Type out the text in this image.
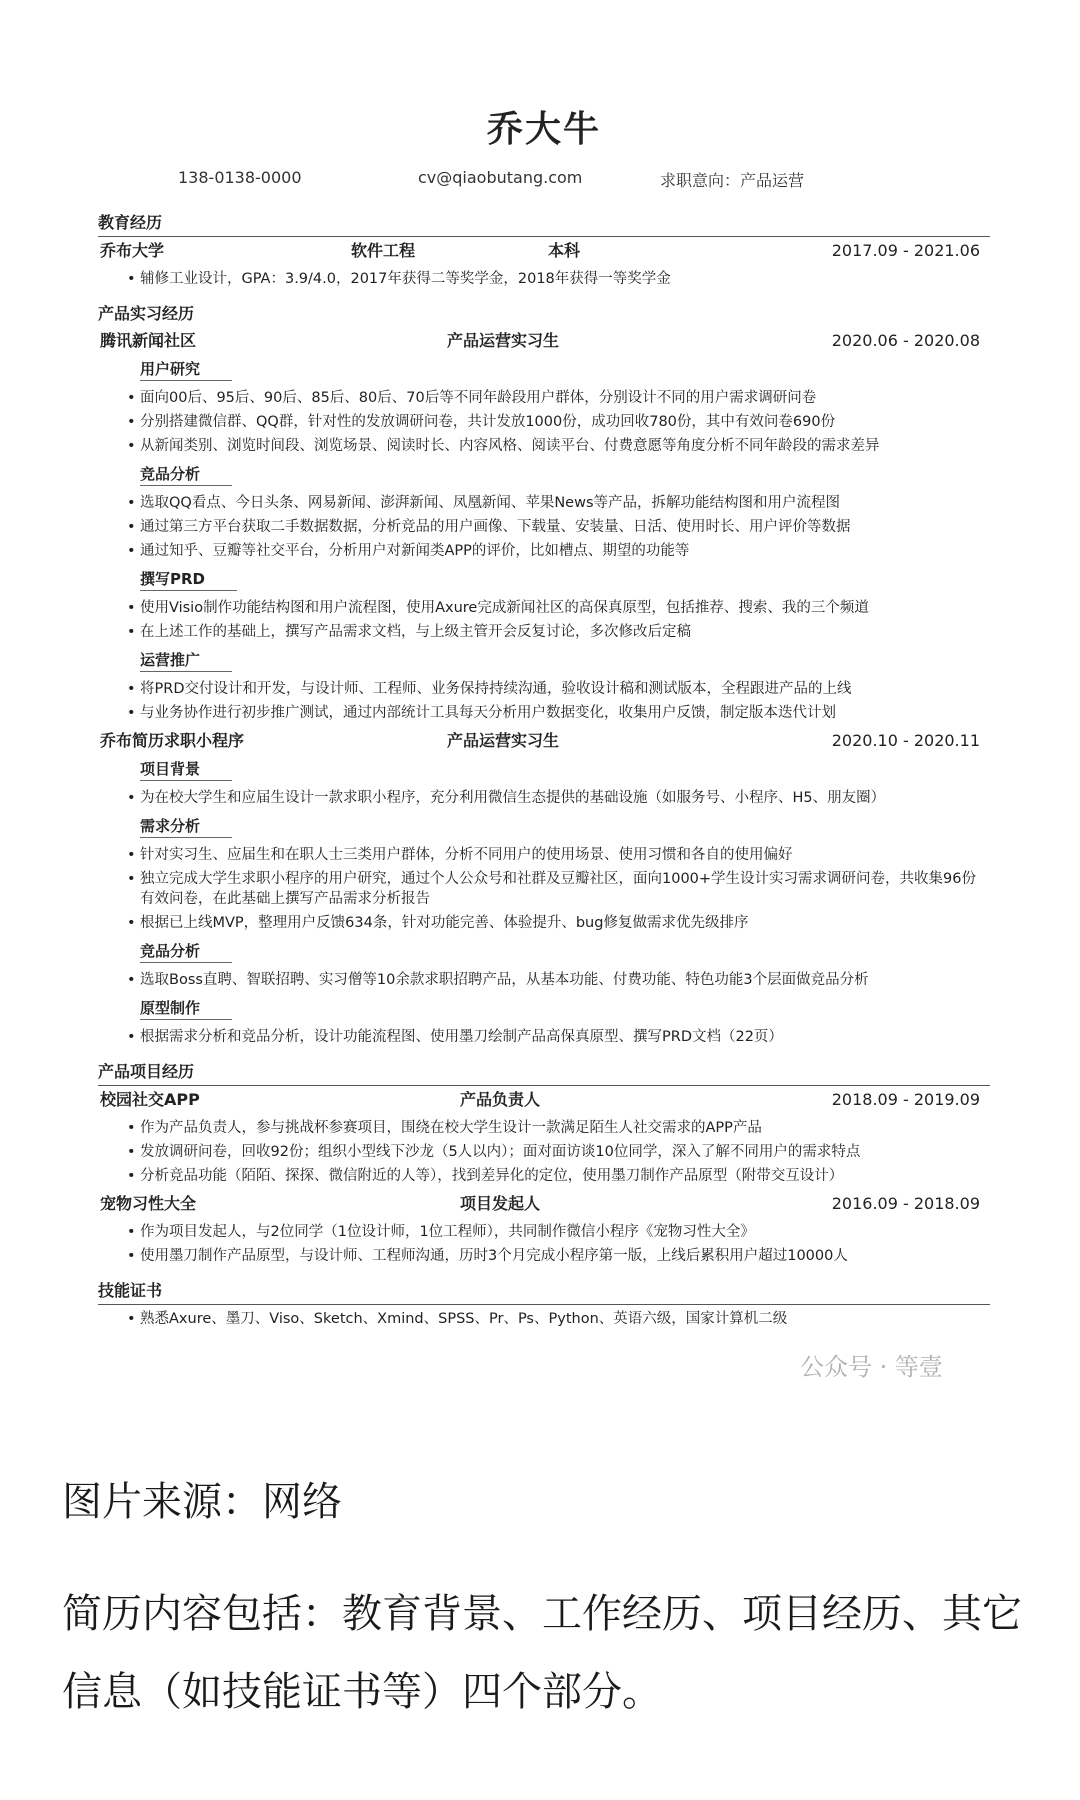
乔大牛
138-0138-0000	cv@qiaobutang.com	求职意向：产品运营
教育经历
乔布大学	软件工程	本科	2017.09 - 2021.06
• 辅修工业设计，GPA：3.9/4.0，2017年获得二等奖学金，2018年获得一等奖学金
产品实习经历
腾讯新闻社区	产品运营实习生	2020.06 - 2020.08
用户研究
• 面向00后、95后、90后、85后、80后、70后等不同年龄段用户群体，分别设计不同的用户需求调研问卷
• 分别搭建微信群、QQ群，针对性的发放调研问卷，共计发放1000份，成功回收780份，其中有效问卷690份
• 从新闻类别、浏览时间段、浏览场景、阅读时长、内容风格、阅读平台、付费意愿等角度分析不同年龄段的需求差异
竞品分析
• 选取QQ看点、今日头条、网易新闻、澎湃新闻、凤凰新闻、苹果News等产品，拆解功能结构图和用户流程图
• 通过第三方平台获取二手数据数据，分析竞品的用户画像、下载量、安装量、日活、使用时长、用户评价等数据
• 通过知乎、豆瓣等社交平台，分析用户对新闻类APP的评价，比如槽点、期望的功能等
撰写PRD
• 使用Visio制作功能结构图和用户流程图，使用Axure完成新闻社区的高保真原型，包括推荐、搜索、我的三个频道
• 在上述工作的基础上，撰写产品需求文档，与上级主管开会反复讨论，多次修改后定稿
运营推广
• 将PRD交付设计和开发，与设计师、工程师、业务保持持续沟通，验收设计稿和测试版本，全程跟进产品的上线
• 与业务协作进行初步推广测试，通过内部统计工具每天分析用户数据变化，收集用户反馈，制定版本迭代计划
乔布简历求职小程序	产品运营实习生	2020.10 - 2020.11
项目背景
• 为在校大学生和应届生设计一款求职小程序，充分利用微信生态提供的基础设施（如服务号、小程序、H5、朋友圈）
需求分析
• 针对实习生、应届生和在职人士三类用户群体，分析不同用户的使用场景、使用习惯和各自的使用偏好
• 独立完成大学生求职小程序的用户研究，通过个人公众号和社群及豆瓣社区，面向1000+学生设计实习需求调研问卷，共收集96份有效问卷，在此基础上撰写产品需求分析报告
• 根据已上线MVP，整理用户反馈634条，针对功能完善、体验提升、bug修复做需求优先级排序
竞品分析
• 选取Boss直聘、智联招聘、实习僧等10余款求职招聘产品，从基本功能、付费功能、特色功能3个层面做竞品分析
原型制作
• 根据需求分析和竞品分析，设计功能流程图、使用墨刀绘制产品高保真原型、撰写PRD文档（22页）
产品项目经历
校园社交APP	产品负责人	2018.09 - 2019.09
• 作为产品负责人，参与挑战杯参赛项目，围绕在校大学生设计一款满足陌生人社交需求的APP产品
• 发放调研问卷，回收92份；组织小型线下沙龙（5人以内）；面对面访谈10位同学，深入了解不同用户的需求特点
• 分析竞品功能（陌陌、探探、微信附近的人等），找到差异化的定位，使用墨刀制作产品原型（附带交互设计）
宠物习性大全	项目发起人	2016.09 - 2018.09
• 作为项目发起人，与2位同学（1位设计师，1位工程师），共同制作微信小程序《宠物习性大全》
• 使用墨刀制作产品原型，与设计师、工程师沟通，历时3个月完成小程序第一版，上线后累积用户超过10000人
技能证书
• 熟悉Axure、墨刀、Viso、Sketch、Xmind、SPSS、Pr、Ps、Python、英语六级，国家计算机二级
公众号 · 等壹
图片来源：网络
简历内容包括：教育背景、工作经历、项目经历、其它信息（如技能证书等）四个部分。
